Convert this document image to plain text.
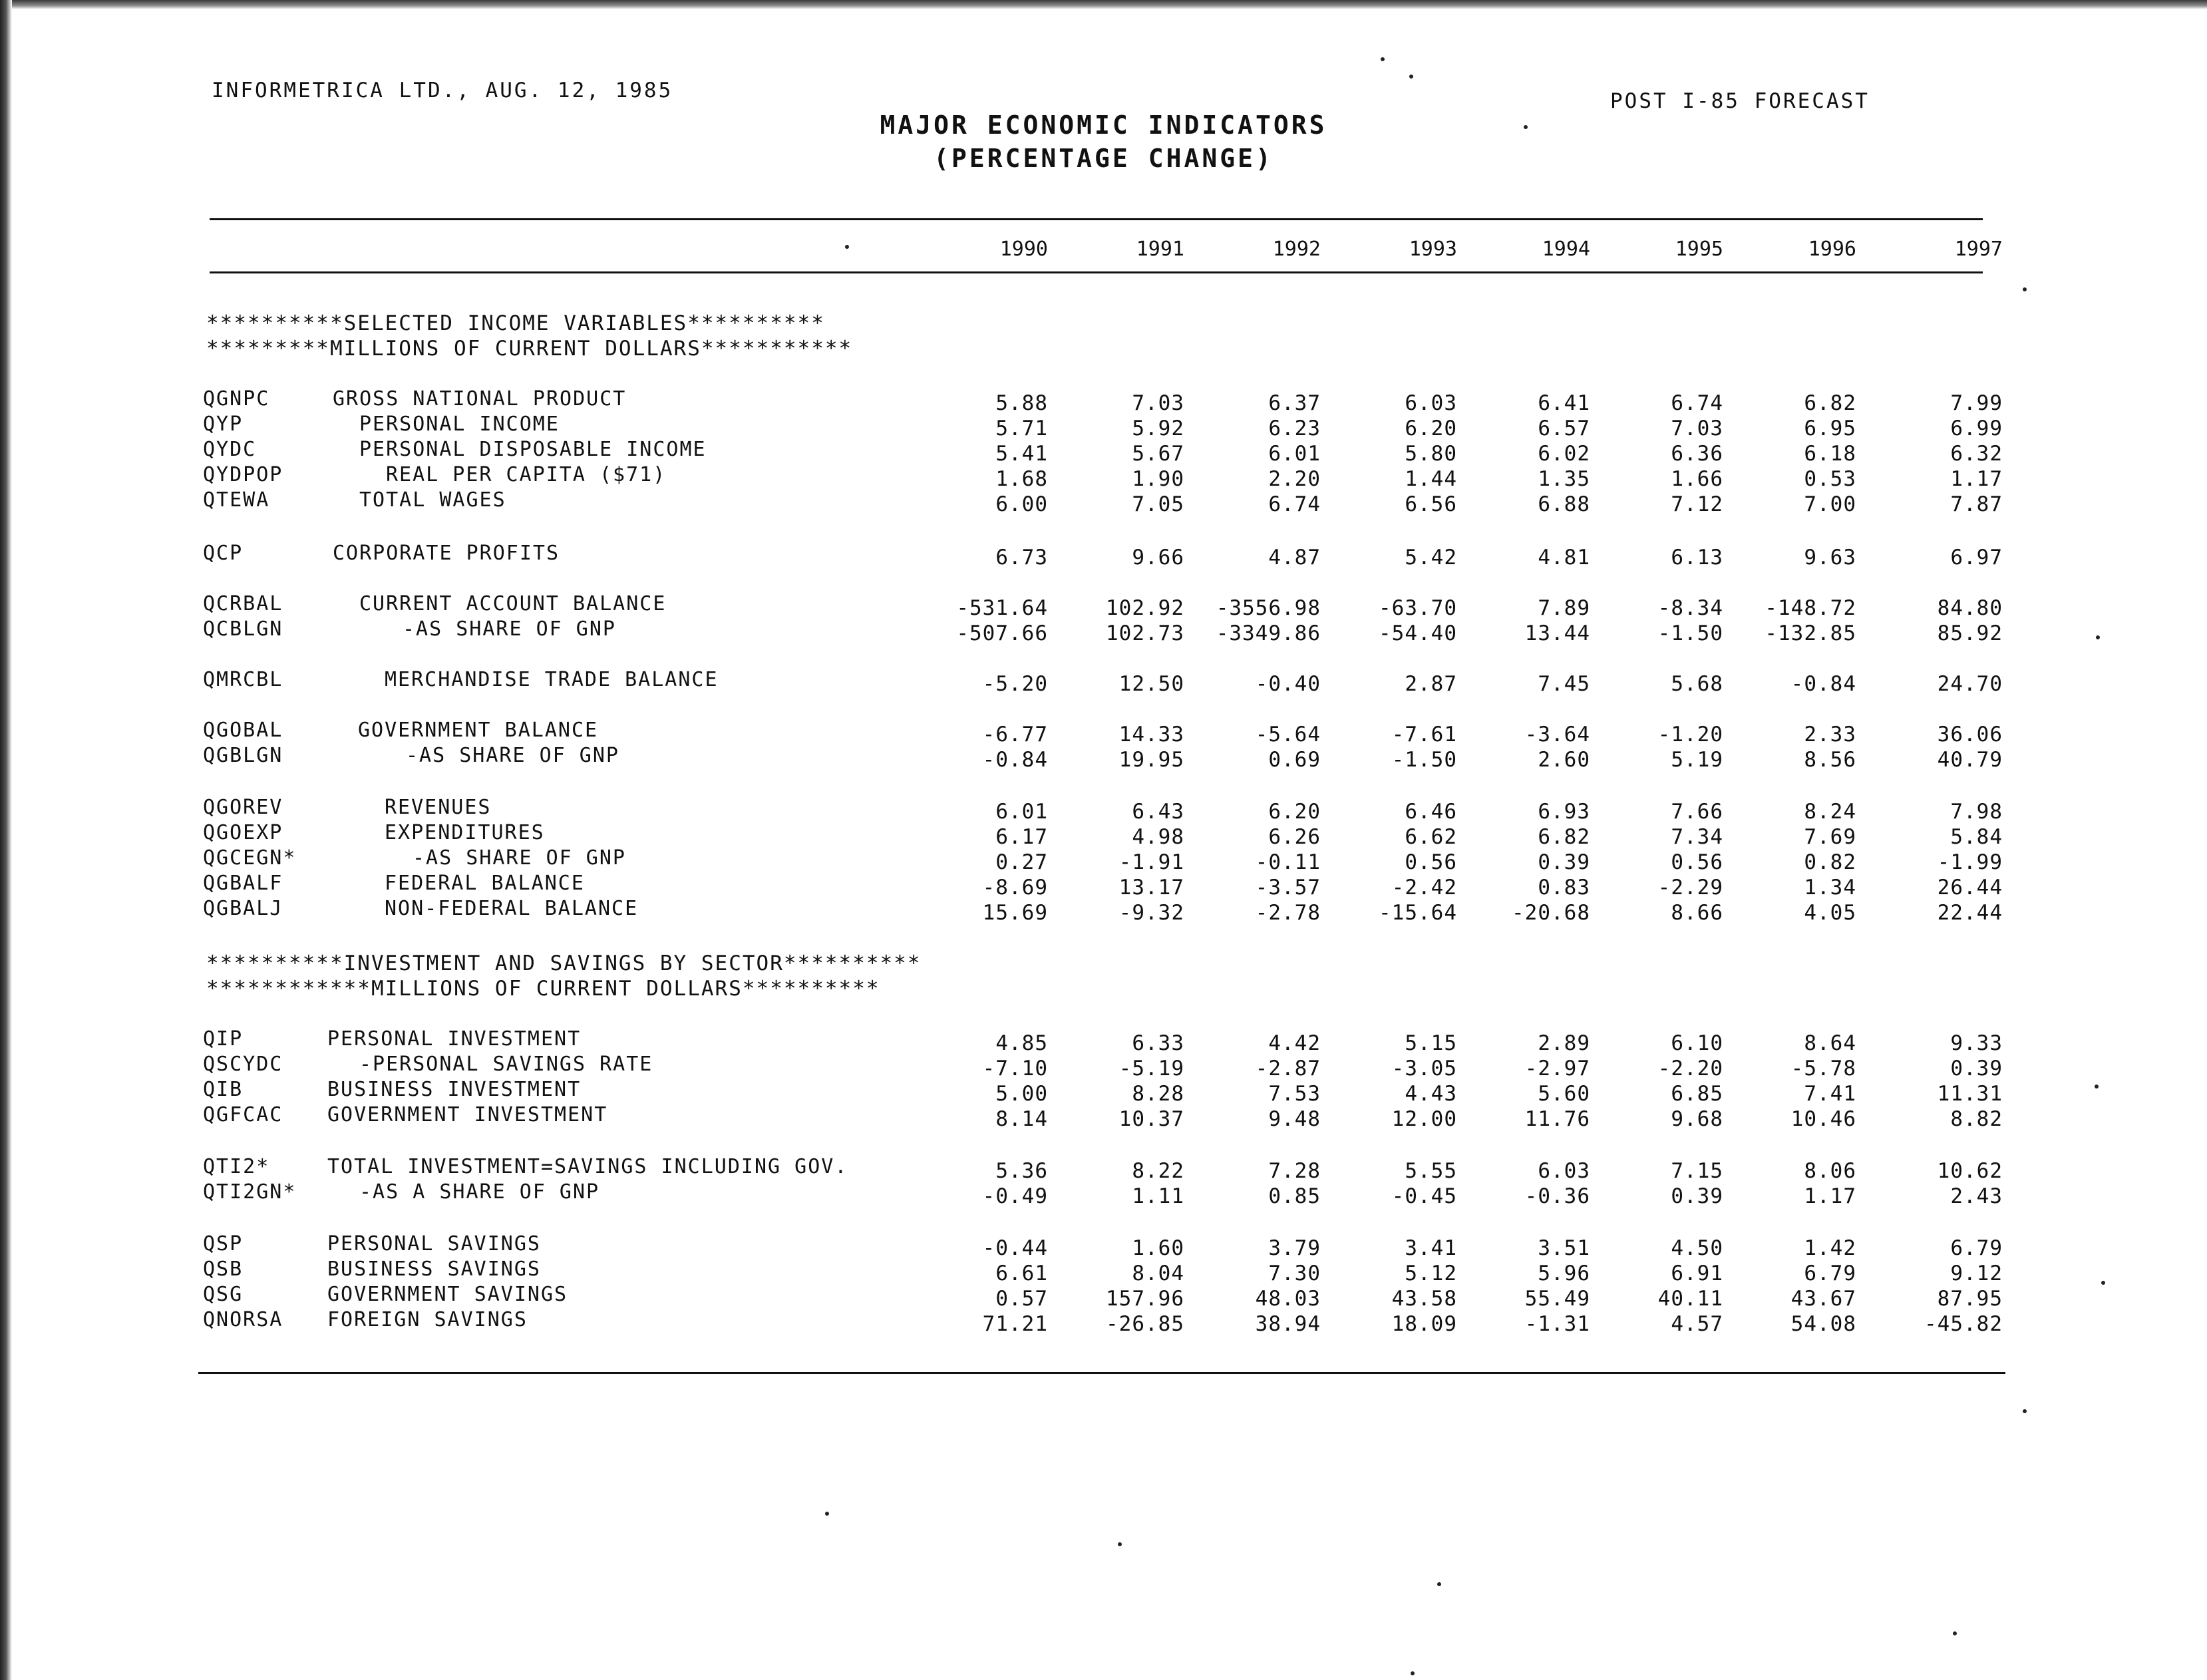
INFORMETRICA LTD., AUG. 12, 1985	POST I-85 FORECAST
MAJOR ECONOMIC INDICATORS
(PERCENTAGE CHANGE)
1990	1991	1992	1993	1994	1995	1996	1997
**********SELECTED INCOME VARIABLES**********
*********MILLIONS OF CURRENT DOLLARS***********
**********INVESTMENT AND SAVINGS BY SECTOR**********
************MILLIONS OF CURRENT DOLLARS**********
QGNPC	GROSS NATIONAL PRODUCT	5.88	7.03	6.37	6.03	6.41	6.74	6.82	7.99
QYP	PERSONAL INCOME	5.71	5.92	6.23	6.20	6.57	7.03	6.95	6.99
QYDC	PERSONAL DISPOSABLE INCOME	5.41	5.67	6.01	5.80	6.02	6.36	6.18	6.32
QYDPOP	REAL PER CAPITA ($71)	1.68	1.90	2.20	1.44	1.35	1.66	0.53	1.17
QTEWA	TOTAL WAGES	6.00	7.05	6.74	6.56	6.88	7.12	7.00	7.87
QCP	CORPORATE PROFITS	6.73	9.66	4.87	5.42	4.81	6.13	9.63	6.97
QCRBAL	CURRENT ACCOUNT BALANCE	-531.64	102.92	-3556.98	-63.70	7.89	-8.34	-148.72	84.80
QCBLGN	-AS SHARE OF GNP	-507.66	102.73	-3349.86	-54.40	13.44	-1.50	-132.85	85.92
QMRCBL	MERCHANDISE TRADE BALANCE	-5.20	12.50	-0.40	2.87	7.45	5.68	-0.84	24.70
QGOBAL	GOVERNMENT BALANCE	-6.77	14.33	-5.64	-7.61	-3.64	-1.20	2.33	36.06
QGBLGN	-AS SHARE OF GNP	-0.84	19.95	0.69	-1.50	2.60	5.19	8.56	40.79
QGOREV	REVENUES	6.01	6.43	6.20	6.46	6.93	7.66	8.24	7.98
QGOEXP	EXPENDITURES	6.17	4.98	6.26	6.62	6.82	7.34	7.69	5.84
QGCEGN*	-AS SHARE OF GNP	0.27	-1.91	-0.11	0.56	0.39	0.56	0.82	-1.99
QGBALF	FEDERAL BALANCE	-8.69	13.17	-3.57	-2.42	0.83	-2.29	1.34	26.44
QGBALJ	NON-FEDERAL BALANCE	15.69	-9.32	-2.78	-15.64	-20.68	8.66	4.05	22.44
QIP	PERSONAL INVESTMENT	4.85	6.33	4.42	5.15	2.89	6.10	8.64	9.33
QSCYDC	-PERSONAL SAVINGS RATE	-7.10	-5.19	-2.87	-3.05	-2.97	-2.20	-5.78	0.39
QIB	BUSINESS INVESTMENT	5.00	8.28	7.53	4.43	5.60	6.85	7.41	11.31
QGFCAC GOVERNMENT INVESTMENT	8.14	10.37	9.48	12.00	11.76	9.68	10.46	8.82
QTI2*	TOTAL INVESTMENT=SAVINGS INCLUDING GOV.	5.36	8.22	7.28	5.55	6.03	7.15	8.06	10.62
QTI2GN*	-AS A SHARE OF GNP	-0.49	1.11	0.85	-0.45	-0.36	0.39	1.17	2.43
QSP	PERSONAL SAVINGS	-0.44	1.60	3.79	3.41	3.51	4.50	1.42	6.79
QSB	BUSINESS SAVINGS	6.61	8.04	7.30	5.12	5.96	6.91	6.79	9.12
QSG	GOVERNMENT SAVINGS	0.57	157.96	48.03	43.58	55.49	40.11	43.67	87.95
QNORSA FOREIGN SAVINGS	71.21	-26.85	38.94	18.09	-1.31	4.57	54.08	-45.82
